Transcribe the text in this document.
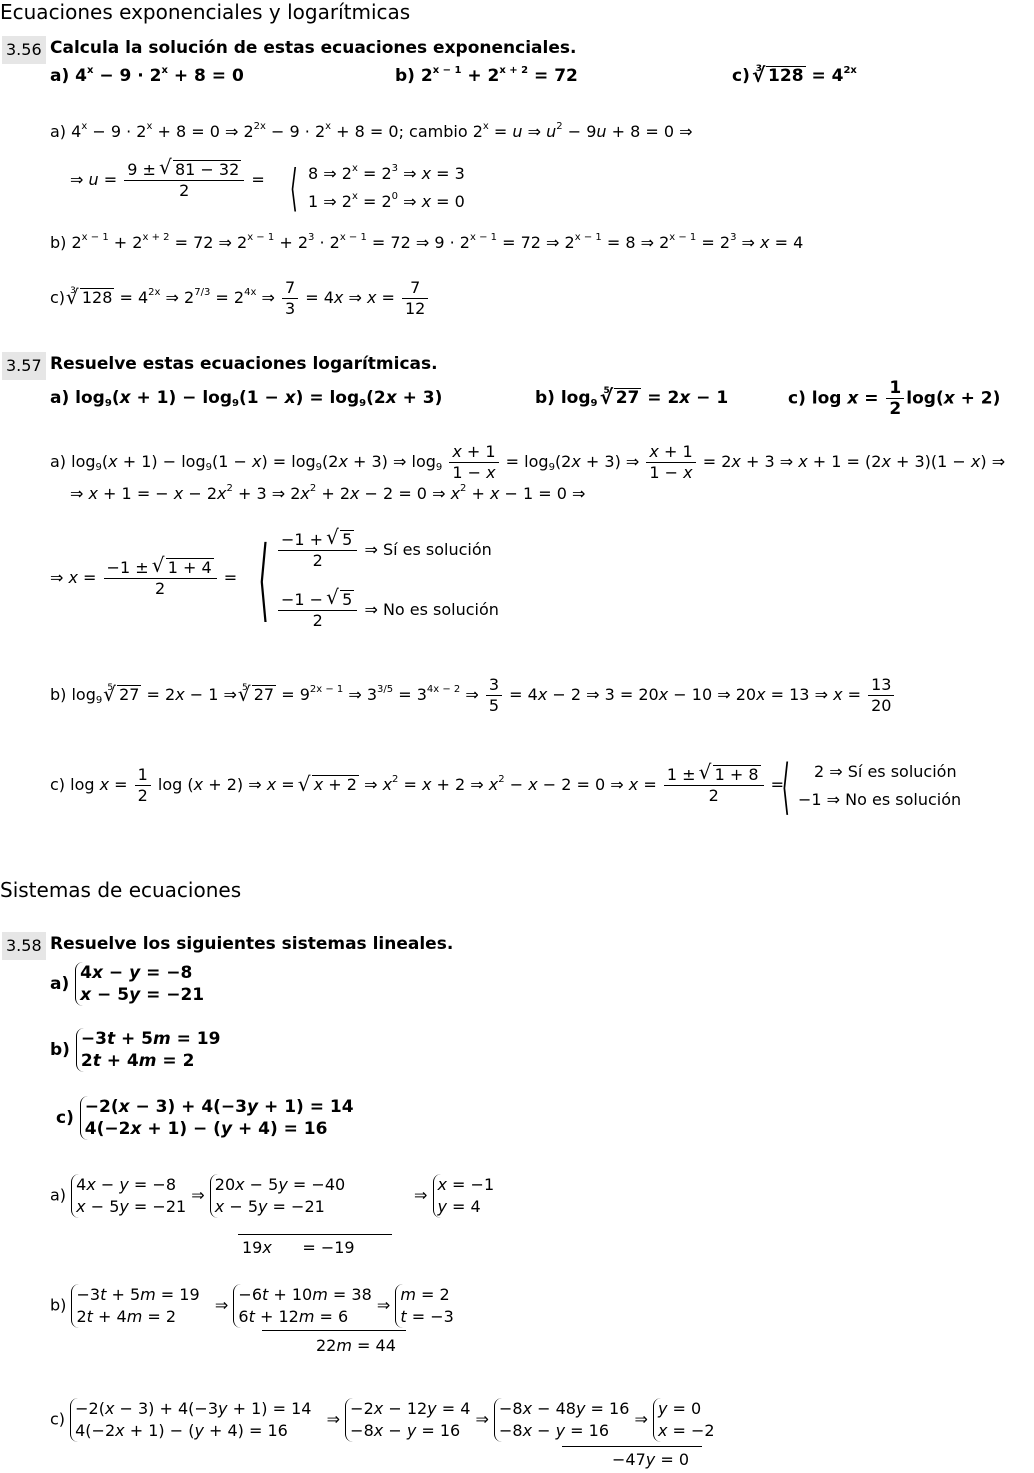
Ecuaciones exponenciales y logarítmicas
3.56 Calcula la solución de estas ecuaciones exponenciales.
a) $4^x - 9 \cdot 2^x + 8 = 0$	b) $2^{x - 1} + 2^{x + 2} = 72$	c) $^3$√ $128 = 4^{2x}$
a) $4^x - 9 \cdot 2^x + 8 = 0$ ⇒ $2^{2x} - 9 \cdot 2^x + 8 = 0$; cambio $2^x = u$ ⇒ $u^2 - 9u + 8 = 0$ ⇒
⇒ $u = \frac{9 \pm √ 81 - 32}{2}$ = ⟨ 8 ⇒ $2^x = 2^3$ ⇒ x = 3
1 ⇒ $2^x = 2^0$ ⇒ x = 0
b) $2^{x - 1} + 2^{x + 2} = 72$ ⇒ $2^{x - 1} + 2^3 \cdot 2^{x - 1} = 72$ ⇒ $9 \cdot 2^{x - 1} = 72$ ⇒ $2^{x - 1} = 8$ ⇒ $2^{x - 1} = 2^3$ ⇒ x = 4
c) $^3$√ $128 = 4^{2x}$ ⇒ $2^{7/3} = 2^{4x}$ ⇒ $\frac{7}{3} = 4x$ ⇒ $x = \frac{7}{12}$
3.57 Resuelve estas ecuaciones logarítmicas.
a) $\log_9(x + 1) - \log_9(1 - x) = \log_9(2x + 3)$	b) $\log_9 ^5√$ 27 = 2x − 1	c) $\log x = \frac{1}{2} \log(x + 2)$
a) $\log_9(x + 1) - \log_9(1 - x) = \log_9(2x + 3)$ ⇒ $\log_9 \frac{x + 1}{1 - x} = \log_9(2x + 3)$ ⇒ $\frac{x + 1}{1 - x} = 2x + 3$ ⇒ x + 1 = (2x + 3)(1 − x) ⇒
⇒ x + 1 = − $x - 2x^2 + 3$ ⇒ $2x^2 + 2x - 2 = 0$ ⇒ $x^2 + x - 1 = 0$ ⇒
⇒ $x = \frac{-1 \pm √ 1 + 4}{2}$ = ⟨ $\frac{-1 + √ 5}{2}$ ⇒ Sí es solución
$\frac{-1 - √ 5}{2}$ ⇒ No es solución
b) $\log_9 ^5√$ 27 = 2x − 1 ⇒ $^5$√ $27 = 9^{2x - 1}$ ⇒ $3^{3/5} = 3^{4x - 2}$ ⇒ $\frac{3}{5} = 4x - 2$ ⇒ 3 = 20x − 10 ⇒ 20x = 13 ⇒ $x = \frac{13}{20}$
c) $\log x = \frac{1}{2}$ log (x + 2) ⇒ x = √ x + 2 ⇒ $x^2 = x + 2$ ⇒ $x^2 - x - 2 = 0$ ⇒ $x = \frac{1 \pm √ 1 + 8}{2}$ =
⟨ 2 ⇒ Sí es solución
−1 ⇒ No es solución
Sistemas de ecuaciones
3.58 Resuelve los siguientes sistemas lineales.
a) 4x − y = −8
x − 5y = −21
b) −3t + 5m = 19
2t + 4m = 2
c) −2(x − 3) + 4(−3y + 1) = 14
4(−2x + 1) − (y + 4) = 16
a) 4x − y = −8
x − 5y = −21 ⇒ 20x − 5y = −40
x − 5y = −21
⇒ x = −1
y = 4
19x      = −19
b) −3t + 5m = 19
2t + 4m = 2   ⇒ −6t + 10m = 38
6t + 12m = 6 ⇒ m = 2
t = −3
22m = 44
c) −2(x − 3) + 4(−3y + 1) = 14
4(−2x + 1) − (y + 4) = 16   ⇒ −2x − 12y = 4
−8x − y = 16 ⇒ −8x − 48y = 16
−8x − y = 16 ⇒ y = 0
x = −2
−47y = 0
